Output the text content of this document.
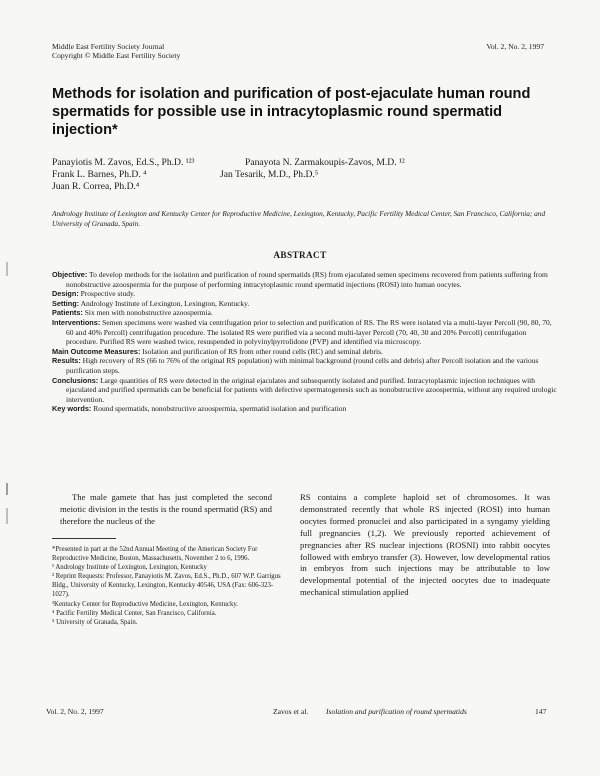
Middle East Fertility Society Journal
Copyright © Middle East Fertility Society
Vol. 2, No. 2, 1997
Methods for isolation and purification of post-ejaculate human round spermatids for possible use in intracytoplasmic round spermatid injection*
Panayiotis M. Zavos, Ed.S., Ph.D. ¹²³	Panayota N. Zarmakoupis-Zavos, M.D. ¹²
Frank L. Barnes, Ph.D. ⁴	Jan Tesarik, M.D., Ph.D.⁵
Juan R. Correa, Ph.D.⁴
Andrology Institute of Lexington and Kentucky Center for Reproductive Medicine, Lexington, Kentucky, Pacific Fertility Medical Center, San Francisco, California; and University of Granada, Spain.
ABSTRACT

Objective: To develop methods for the isolation and purification of round spermatids (RS) from ejaculated semen specimens recovered from patients suffering from nonobstructive azoospermia for the purpose of performing intracytoplasmic round spermatid injections (ROSI) into human oocytes.

Design: Prospective study.

Setting: Andrology Institute of Lexington, Lexington, Kentucky.

Patients: Six men with nonobstructive azoospermia.

Interventions: Semen specimens were washed via centrifugation prior to selection and purification of RS. The RS were isolated via a multi-layer Percoll (90, 80, 70, 60 and 40% Percoll) centrifugation procedure. The isolated RS were purified via a second multi-layer Percoll (70, 40, 30 and 20% Percoll) centrifugation procedure. Purified RS were washed twice, resuspended in polyvinylpyrrolidone (PVP) and identified via microscopy.

Main Outcome Measures: Isolation and purification of RS from other round cells (RC) and seminal debris.

Results: High recovery of RS (66 to 76% of the original RS population) with minimal background (round cells and debris) after Percoll isolation and the various purification steps.

Conclusions: Large quantities of RS were detected in the original ejaculates and subsequently isolated and purified. Intracytoplasmic injection techniques with ejaculated and purified spermatids can be beneficial for patients with defective spermatogenesis such as nonobstructive azoospermia, without any required urologic intervention.

Key words: Round spermatids, nonobstructive azoospermia, spermatid isolation and purification

The male gamete that has just completed the second meiotic division in the testis is the round spermatid (RS) and therefore the nucleus of the

RS contains a complete haploid set of chromosomes. It was demonstrated recently that whole RS injected (ROSI) into human oocytes formed pronuclei and also participated in a syngamy yielding full pregnancies (1,2). We previously reported achievement of pregnancies after RS nuclear injections (ROSNI) into rabbit oocytes followed with embryo transfer (3). However, low developmental ratios in embryos from such injections may be attributable to low developmental potential of the injected oocytes due to inadequate mechanical stimulation applied

*Presented in part at the 52nd Annual Meeting of the American Society For Reproductive Medicine, Boston, Massachusetts, November 2 to 6, 1996.

¹ Andrology Institute of Lexington, Lexington, Kentucky

² Reprint Requests: Professor, Panayiotis M. Zavos, Ed.S., Ph.D., 607 W.P. Garrigus Bldg., University of Kentucky, Lexington, Kentucky 40546, USA (Fax: 606-323-1027).

³Kentucky Center for Reproductive Medicine, Lexington, Kentucky.

⁴ Pacific Fertility Medical Center, San Francisco, California.

⁵ University of Granada, Spain.

Vol. 2, No. 2, 1997	Zavos et al. Isolation and purification of round spermatids	147
